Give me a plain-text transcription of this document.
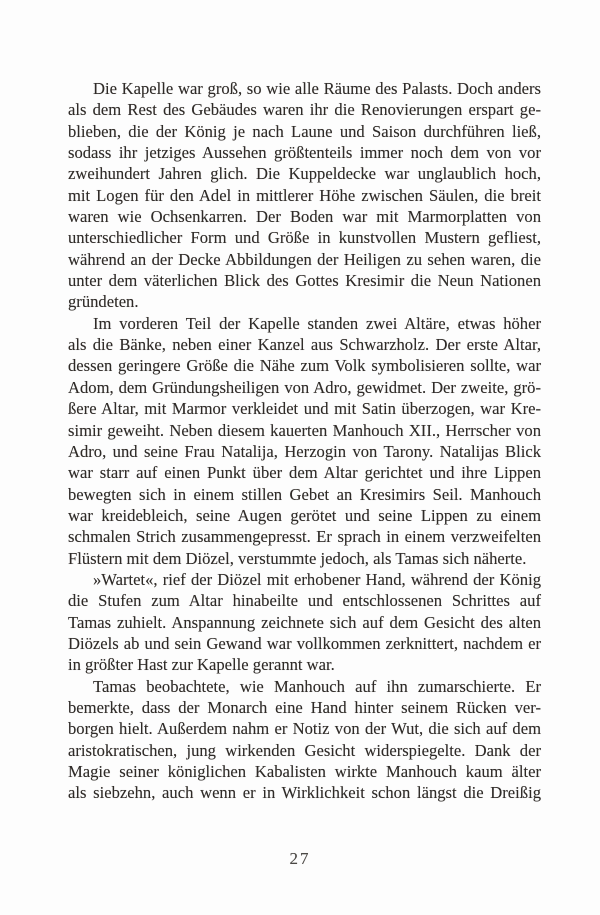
Die Kapelle war groß, so wie alle Räume des Palasts. Doch anders
als dem Rest des Gebäudes waren ihr die Renovierungen erspart ge-
blieben, die der König je nach Laune und Saison durchführen ließ,
sodass ihr jetziges Aussehen größtenteils immer noch dem von vor
zweihundert Jahren glich. Die Kuppeldecke war unglaublich hoch,
mit Logen für den Adel in mittlerer Höhe zwischen Säulen, die breit
waren wie Ochsenkarren. Der Boden war mit Marmorplatten von
unterschiedlicher Form und Größe in kunstvollen Mustern gefliest,
während an der Decke Abbildungen der Heiligen zu sehen waren, die
unter dem väterlichen Blick des Gottes Kresimir die Neun Nationen
gründeten.
Im vorderen Teil der Kapelle standen zwei Altäre, etwas höher
als die Bänke, neben einer Kanzel aus Schwarzholz. Der erste Altar,
dessen geringere Größe die Nähe zum Volk symbolisieren sollte, war
Adom, dem Gründungsheiligen von Adro, gewidmet. Der zweite, grö-
ßere Altar, mit Marmor verkleidet und mit Satin überzogen, war Kre-
simir geweiht. Neben diesem kauerten Manhouch XII., Herrscher von
Adro, und seine Frau Natalija, Herzogin von Tarony. Natalijas Blick
war starr auf einen Punkt über dem Altar gerichtet und ihre Lippen
bewegten sich in einem stillen Gebet an Kresimirs Seil. Manhouch
war kreidebleich, seine Augen gerötet und seine Lippen zu einem
schmalen Strich zusammengepresst. Er sprach in einem verzweifelten
Flüstern mit dem Diözel, verstummte jedoch, als Tamas sich näherte.
»Wartet«, rief der Diözel mit erhobener Hand, während der König
die Stufen zum Altar hinabeilte und entschlossenen Schrittes auf
Tamas zuhielt. Anspannung zeichnete sich auf dem Gesicht des alten
Diözels ab und sein Gewand war vollkommen zerknittert, nachdem er
in größter Hast zur Kapelle gerannt war.
Tamas beobachtete, wie Manhouch auf ihn zumarschierte. Er
bemerkte, dass der Monarch eine Hand hinter seinem Rücken ver-
borgen hielt. Außerdem nahm er Notiz von der Wut, die sich auf dem
aristokratischen, jung wirkenden Gesicht widerspiegelte. Dank der
Magie seiner königlichen Kabalisten wirkte Manhouch kaum älter
als siebzehn, auch wenn er in Wirklichkeit schon längst die Dreißig
27
